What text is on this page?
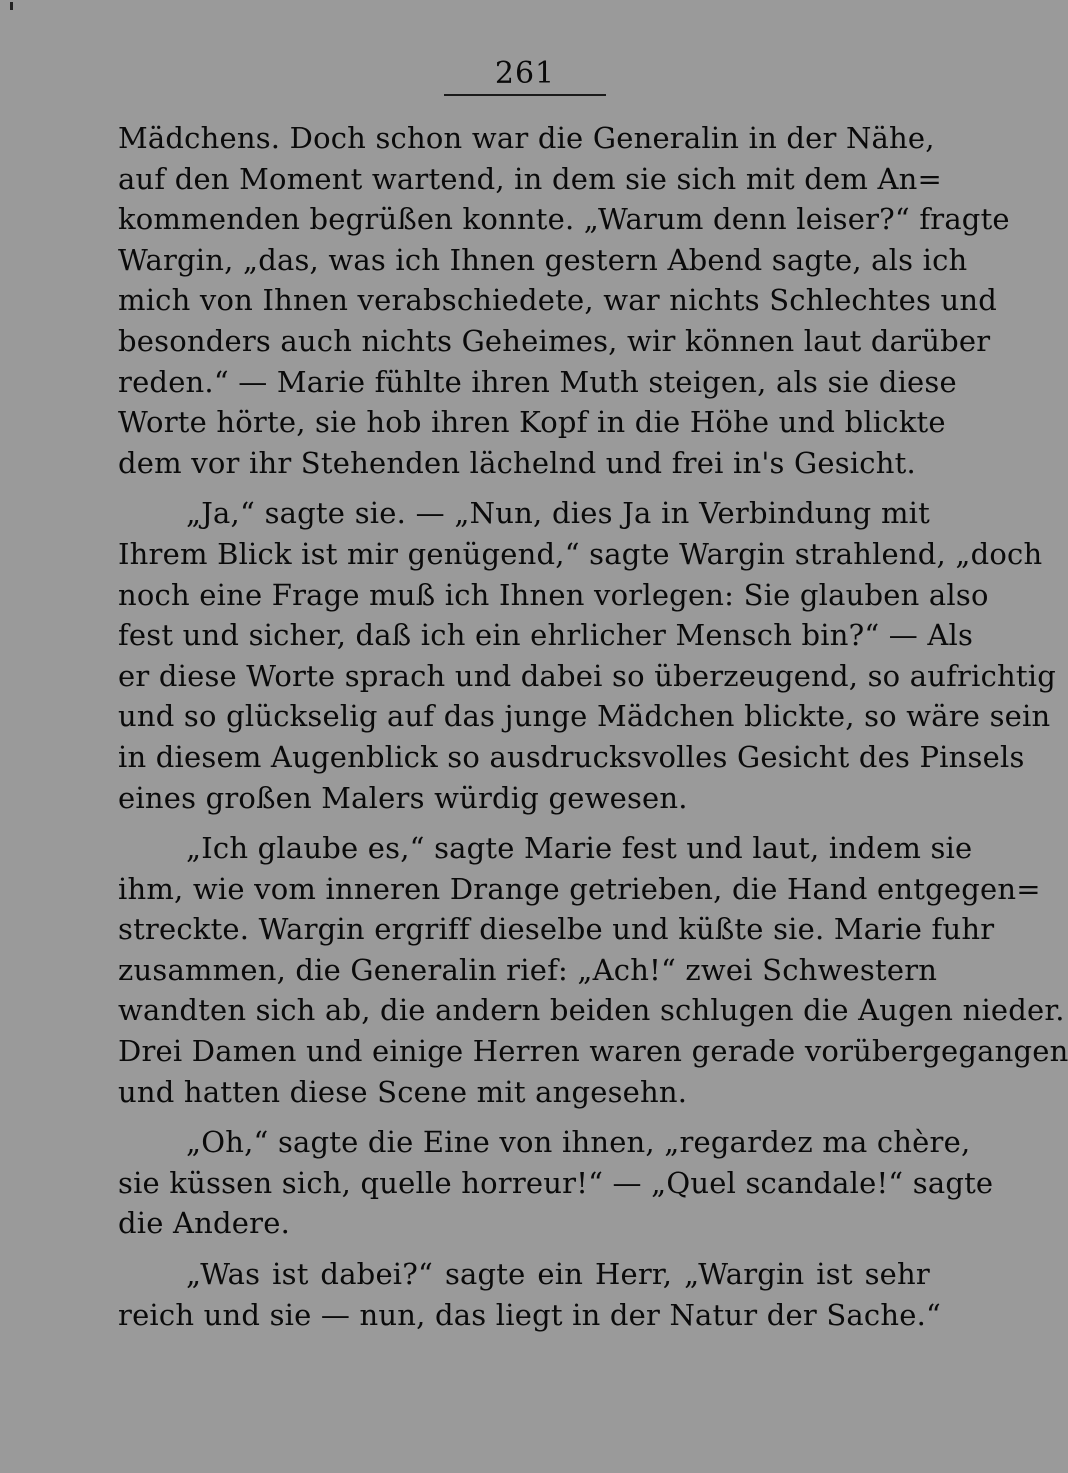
261

Mädchens. Doch schon war die Generalin in der Nähe,
auf den Moment wartend, in dem sie sich mit dem An=
kommenden begrüßen konnte. „Warum denn leiser?“ fragte
Wargin, „das, was ich Ihnen gestern Abend sagte, als ich
mich von Ihnen verabschiedete, war nichts Schlechtes und
besonders auch nichts Geheimes, wir können laut darüber
reden.“ — Marie fühlte ihren Muth steigen, als sie diese
Worte hörte, sie hob ihren Kopf in die Höhe und blickte
dem vor ihr Stehenden lächelnd und frei in's Gesicht.

„Ja,“ sagte sie. — „Nun, dies Ja in Verbindung mit
Ihrem Blick ist mir genügend,“ sagte Wargin strahlend, „doch
noch eine Frage muß ich Ihnen vorlegen: Sie glauben also
fest und sicher, daß ich ein ehrlicher Mensch bin?“ — Als
er diese Worte sprach und dabei so überzeugend, so aufrichtig
und so glückselig auf das junge Mädchen blickte, so wäre sein
in diesem Augenblick so ausdrucksvolles Gesicht des Pinsels
eines großen Malers würdig gewesen.

„Ich glaube es,“ sagte Marie fest und laut, indem sie
ihm, wie vom inneren Drange getrieben, die Hand entgegen=
streckte. Wargin ergriff dieselbe und küßte sie. Marie fuhr
zusammen, die Generalin rief: „Ach!“ zwei Schwestern
wandten sich ab, die andern beiden schlugen die Augen nieder.
Drei Damen und einige Herren waren gerade vorübergegangen
und hatten diese Scene mit angesehn.

„Oh,“ sagte die Eine von ihnen, „regardez ma chère,
sie küssen sich, quelle horreur!“ — „Quel scandale!“ sagte
die Andere.

„Was ist dabei?“ sagte ein Herr, „Wargin ist sehr
reich und sie — nun, das liegt in der Natur der Sache.“
